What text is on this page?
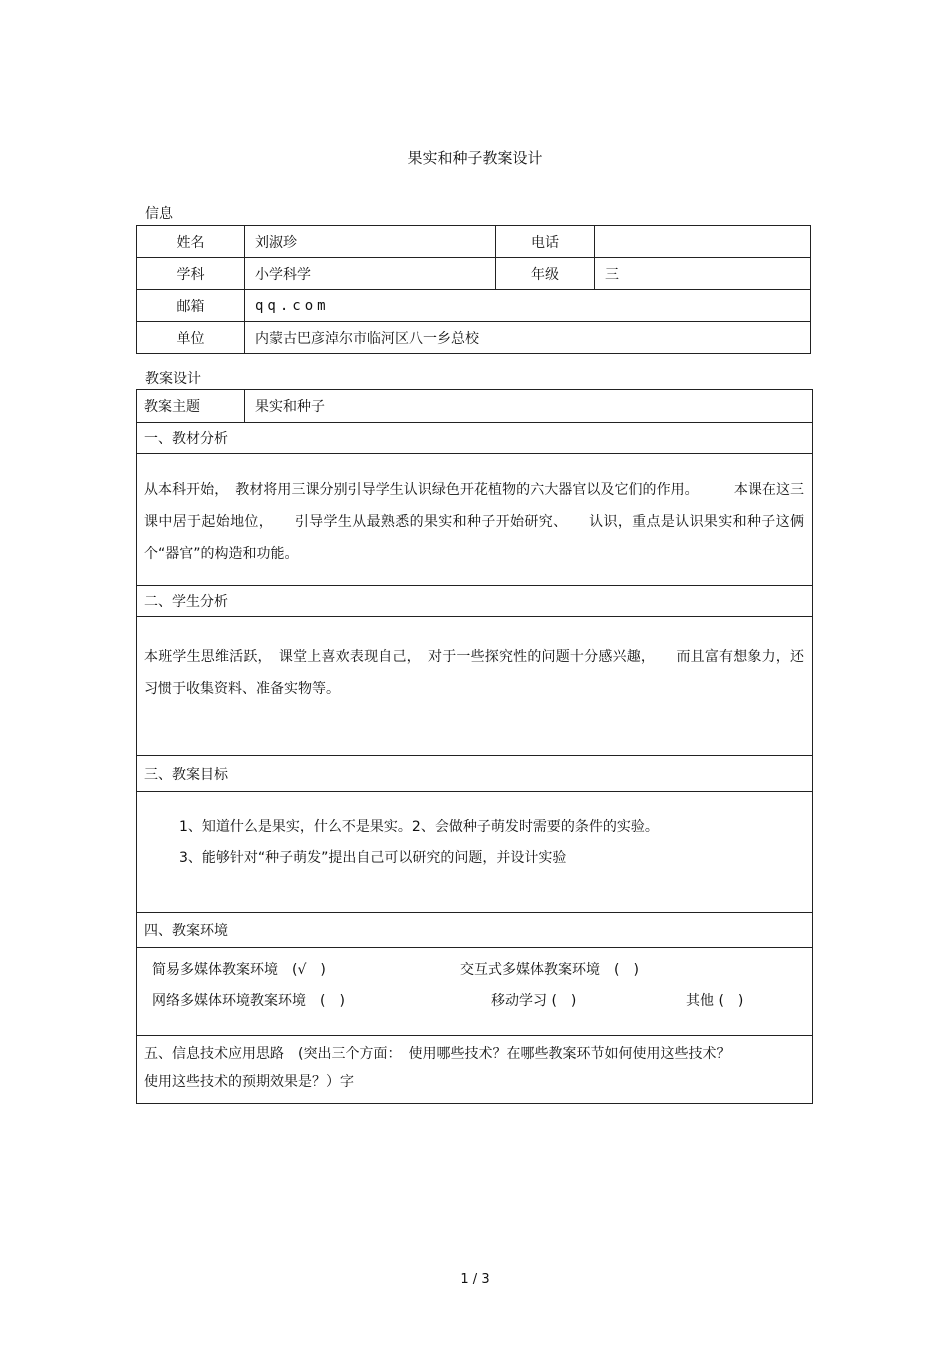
果实和种子教案设计
信息
姓名	刘淑珍	电话	
学科	小学科学	年级	三
邮箱	qq.com		
单位	内蒙古巴彦淖尔市临河区八一乡总校		
教案设计
教案主题	果实和种子
一、教材分析
从本科开始，　教材将用三课分别引导学生认识绿色开花植物的六大器官以及它们的作用。　　　本课在这三课中居于起始地位，　　引导学生从最熟悉的果实和种子开始研究、　　认识，重点是认识果实和种子这俩个“器官”的构造和功能。
二、学生分析
本班学生思维活跃，　课堂上喜欢表现自己，　对于一些探究性的问题十分感兴趣，　　而且富有想象力，还习惯于收集资料、准备实物等。
三、教案目标

1、知道什么是果实，什么不是果实。2、会做种子萌发时需要的条件的实验。
3、能够针对“种子萌发”提出自己可以研究的问题，并设计实验

四、教案环境

简易多媒体教案环境　(√　)	交互式多媒体教案环境　(　)
网络多媒体环境教案环境　(　)	移动学习 (　)	其他 (　)

五、信息技术应用思路　(突出三个方面：　使用哪些技术？在哪些教案环节如何使用这些技术？
使用这些技术的预期效果是？）字
1 / 3
